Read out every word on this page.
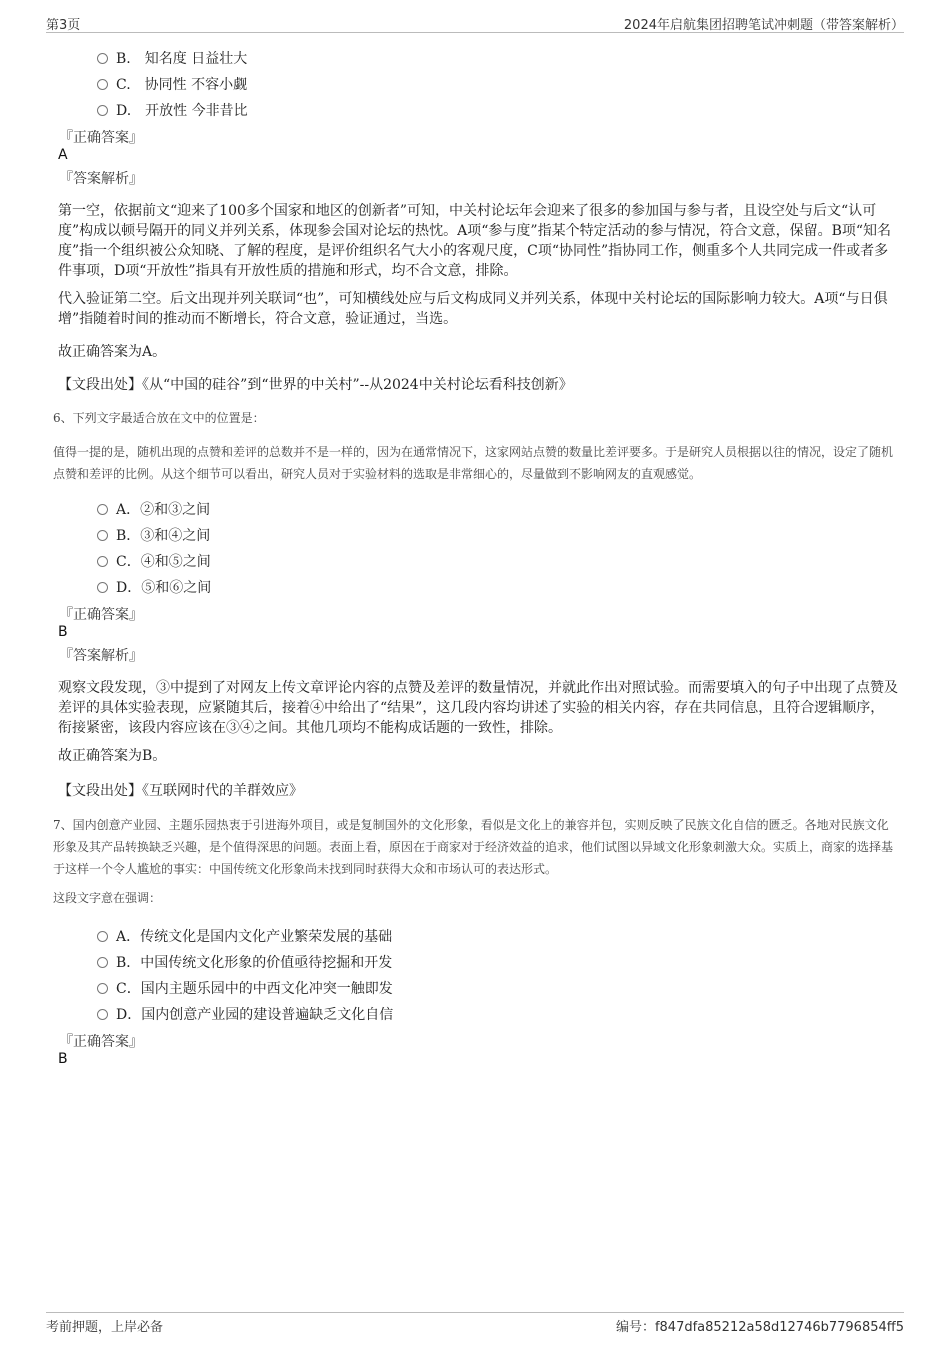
第3页	2024年启航集团招聘笔试冲刺题（带答案解析）
B.　知名度 日益壮大
C.　协同性 不容小觑
D.　开放性 今非昔比
『正确答案』
A
『答案解析』
第一空，依据前文“迎来了100多个国家和地区的创新者”可知，中关村论坛年会迎来了很多的参加国与参与者，且设空处与后文“认可度”构成以顿号隔开的同义并列关系，体现参会国对论坛的热忱。A项“参与度”指某个特定活动的参与情况，符合文意，保留。B项“知名度”指一个组织被公众知晓、了解的程度，是评价组织名气大小的客观尺度，C项“协同性”指协同工作，侧重多个人共同完成一件或者多件事项，D项“开放性”指具有开放性质的措施和形式，均不合文意，排除。
代入验证第二空。后文出现并列关联词“也”，可知横线处应与后文构成同义并列关系，体现中关村论坛的国际影响力较大。A项“与日俱增”指随着时间的推动而不断增长，符合文意，验证通过，当选。
故正确答案为A。
【文段出处】《从“中国的硅谷”到“世界的中关村”--从2024中关村论坛看科技创新》
6、下列文字最适合放在文中的位置是：
值得一提的是，随机出现的点赞和差评的总数并不是一样的，因为在通常情况下，这家网站点赞的数量比差评要多。于是研究人员根据以往的情况，设定了随机点赞和差评的比例。从这个细节可以看出，研究人员对于实验材料的选取是非常细心的，尽量做到不影响网友的直观感觉。
A．②和③之间
B．③和④之间
C．④和⑤之间
D．⑤和⑥之间
『正确答案』
B
『答案解析』
观察文段发现，③中提到了对网友上传文章评论内容的点赞及差评的数量情况，并就此作出对照试验。而需要填入的句子中出现了点赞及差评的具体实验表现，应紧随其后，接着④中给出了“结果”，这几段内容均讲述了实验的相关内容，存在共同信息，且符合逻辑顺序，衔接紧密，该段内容应该在③④之间。其他几项均不能构成话题的一致性，排除。
故正确答案为B。
【文段出处】《互联网时代的羊群效应》
7、国内创意产业园、主题乐园热衷于引进海外项目，或是复制国外的文化形象，看似是文化上的兼容并包，实则反映了民族文化自信的匮乏。各地对民族文化形象及其产品转换缺乏兴趣，是个值得深思的问题。表面上看，原因在于商家对于经济效益的追求，他们试图以异域文化形象刺激大众。实质上，商家的选择基于这样一个令人尴尬的事实：中国传统文化形象尚未找到同时获得大众和市场认可的表达形式。
这段文字意在强调：
A．传统文化是国内文化产业繁荣发展的基础
B．中国传统文化形象的价值亟待挖掘和开发
C．国内主题乐园中的中西文化冲突一触即发
D．国内创意产业园的建设普遍缺乏文化自信
『正确答案』
B
考前押题，上岸必备	编号：f847dfa85212a58d12746b7796854ff5
